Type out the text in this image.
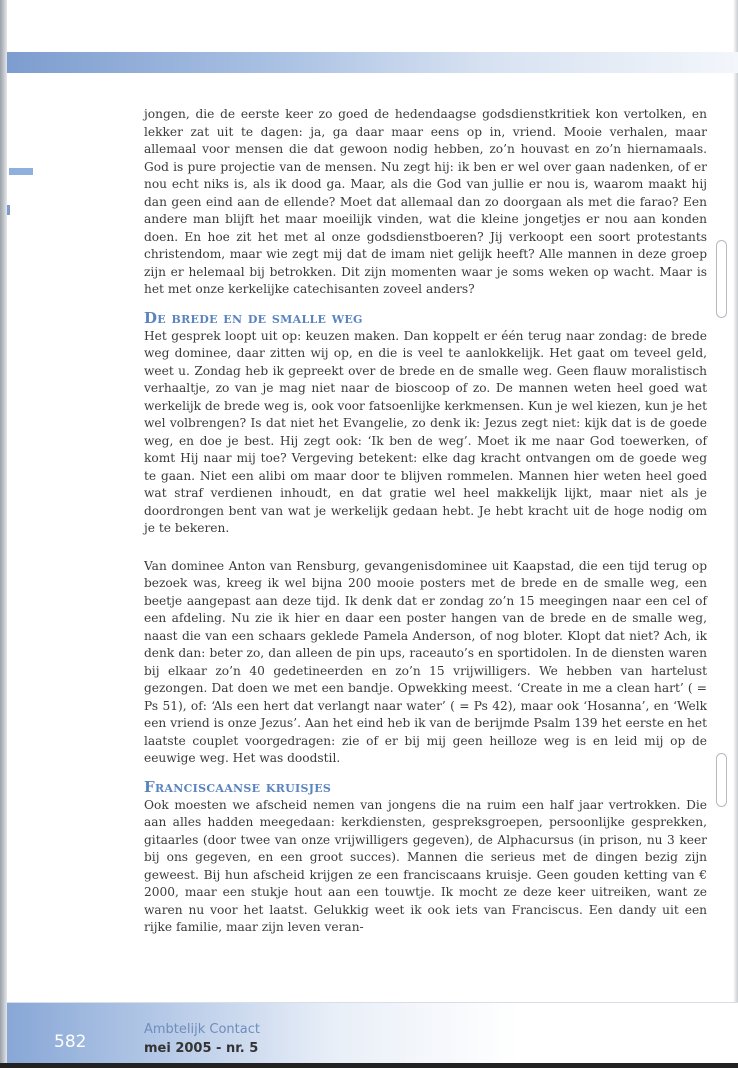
jongen, die de eerste keer zo goed de hedendaagse godsdienstkritiek kon vertolken, en lekker zat uit te dagen: ja, ga daar maar eens op in, vriend. Mooie verhalen, maar allemaal voor mensen die dat gewoon nodig hebben, zo’n houvast en zo’n hiernamaals. God is pure projectie van de mensen. Nu zegt hij: ik ben er wel over gaan nadenken, of er nou echt niks is, als ik dood ga. Maar, als die God van jullie er nou is, waarom maakt hij dan geen eind aan de ellende? Moet dat allemaal dan zo doorgaan als met die farao? Een andere man blijft het maar moeilijk vinden, wat die kleine jongetjes er nou aan konden doen. En hoe zit het met al onze godsdienstboeren? Jij verkoopt een soort protestants christendom, maar wie zegt mij dat de imam niet gelijk heeft? Alle mannen in deze groep zijn er helemaal bij betrokken. Dit zijn momenten waar je soms weken op wacht. Maar is het met onze kerkelijke catechisanten zoveel anders?

De brede en de smalle weg

Het gesprek loopt uit op: keuzen maken. Dan koppelt er één terug naar zondag: de brede weg dominee, daar zitten wij op, en die is veel te aanlokkelijk. Het gaat om teveel geld, weet u. Zondag heb ik gepreekt over de brede en de smalle weg. Geen flauw moralistisch verhaaltje, zo van je mag niet naar de bioscoop of zo. De mannen weten heel goed wat werkelijk de brede weg is, ook voor fatsoenlijke kerkmensen. Kun je wel kiezen, kun je het wel volbrengen? Is dat niet het Evangelie, zo denk ik: Jezus zegt niet: kijk dat is de goede weg, en doe je best. Hij zegt ook: ‘Ik ben de weg’. Moet ik me naar God toewerken, of komt Hij naar mij toe? Vergeving betekent: elke dag kracht ontvangen om de goede weg te gaan. Niet een alibi om maar door te blijven rommelen. Mannen hier weten heel goed wat straf verdienen inhoudt, en dat gratie wel heel makkelijk lijkt, maar niet als je doordrongen bent van wat je werkelijk gedaan hebt. Je hebt kracht uit de hoge nodig om je te bekeren.

Van dominee Anton van Rensburg, gevangenisdominee uit Kaapstad, die een tijd terug op bezoek was, kreeg ik wel bijna 200 mooie posters met de brede en de smalle weg, een beetje aangepast aan deze tijd. Ik denk dat er zondag zo’n 15 meegingen naar een cel of een afdeling. Nu zie ik hier en daar een poster hangen van de brede en de smalle weg, naast die van een schaars geklede Pamela Anderson, of nog bloter. Klopt dat niet? Ach, ik denk dan: beter zo, dan alleen de pin ups, raceauto’s en sportidolen. In de diensten waren bij elkaar zo’n 40 gedetineerden en zo’n 15 vrijwilligers. We hebben van hartelust gezongen. Dat doen we met een bandje. Opwekking meest. ‘Create in me a clean hart’ ( = Ps 51), of: ‘Als een hert dat verlangt naar water’ ( = Ps 42), maar ook ‘Hosanna’, en ‘Welk een vriend is onze Jezus’. Aan het eind heb ik van de berijmde Psalm 139 het eerste en het laatste couplet voorgedragen: zie of er bij mij geen heilloze weg is en leid mij op de eeuwige weg. Het was doodstil.

Franciscaanse kruisjes

Ook moesten we afscheid nemen van jongens die na ruim een half jaar vertrokken. Die aan alles hadden meegedaan: kerkdiensten, gespreksgroepen, persoonlijke gesprekken, gitaarles (door twee van onze vrijwilligers gegeven), de Alphacursus (in prison, nu 3 keer bij ons gegeven, en een groot succes). Mannen die serieus met de dingen bezig zijn geweest. Bij hun afscheid krijgen ze een franciscaans kruisje. Geen gouden ketting van € 2000, maar een stukje hout aan een touwtje. Ik mocht ze deze keer uitreiken, want ze waren nu voor het laatst. Gelukkig weet ik ook iets van Franciscus. Een dandy uit een rijke familie, maar zijn leven veran-

582
Ambtelijk Contact
mei 2005 - nr. 5
